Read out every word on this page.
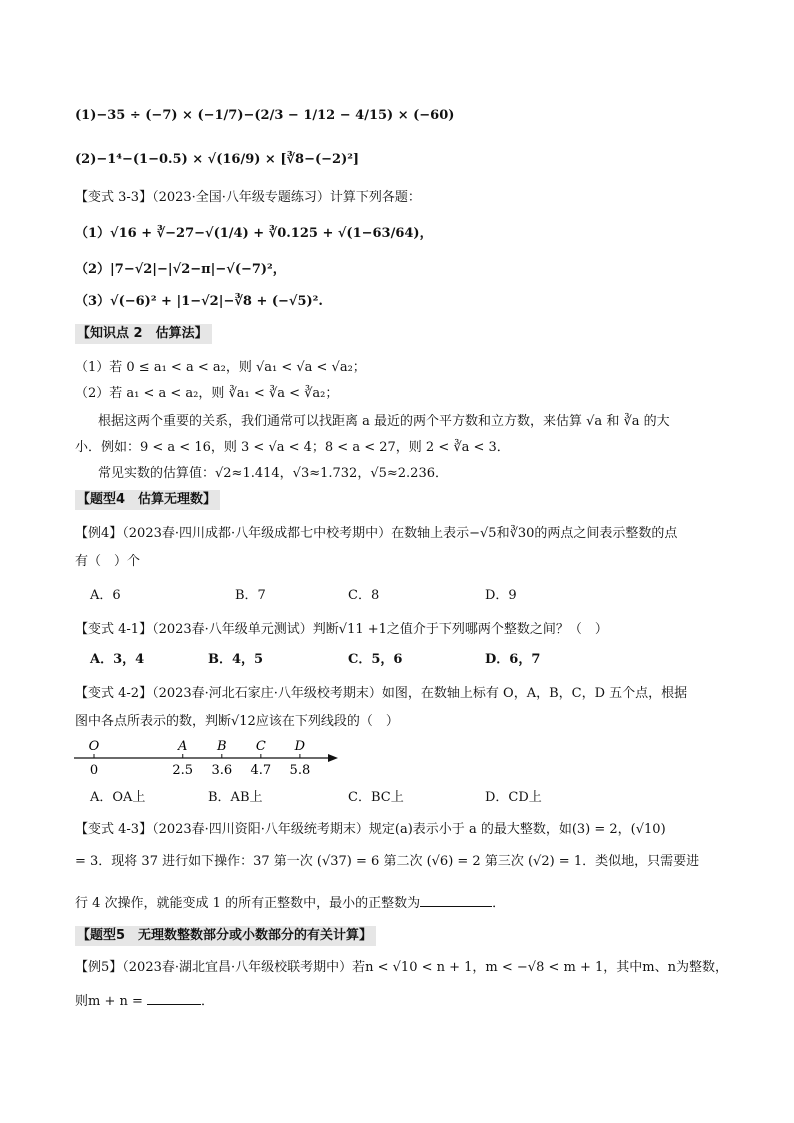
(1)−35 ÷ (−7) × (−1/7)−(2/3 − 1/12 − 4/15) × (−60)
(2)−1⁴−(1−0.5) × √(16/9) × [∛8−(−2)²]
【变式 3-3】（2023·全国·八年级专题练习）计算下列各题：
（1）√16 + ∛−27−√(1/4) + ∛0.125 + √(1−63/64)，
（2）|7−√2|−|√2−π|−√(−7)²，
（3）√(−6)² + |1−√2|−∛8 + (−√5)².
【知识点 2　估算法】
（1）若 0 ≤ a₁ < a < a₂，则 √a₁ < √a < √a₂；
（2）若 a₁ < a < a₂，则 ∛a₁ < ∛a < ∛a₂；
根据这两个重要的关系，我们通常可以找距离 a 最近的两个平方数和立方数，来估算 √a 和 ∛a 的大
小．例如：9 < a < 16，则 3 < √a < 4；8 < a < 27，则 2 < ∛a < 3．
常见实数的估算值：√2≈1.414，√3≈1.732，√5≈2.236．
【题型4　估算无理数】
【例4】（2023春·四川成都·八年级成都七中校考期中）在数轴上表示−√5和∛30的两点之间表示整数的点
有（　）个
A．6	B．7	C．8	D．9
【变式 4-1】（2023春·八年级单元测试）判断√11 +1之值介于下列哪两个整数之间？（　）
A．3，4	B．4，5	C．5，6	D．6，7
【变式 4-2】（2023春·河北石家庄·八年级校考期末）如图，在数轴上标有 O，A，B，C，D 五个点，根据
图中各点所表示的数，判断√12应该在下列线段的（　）
O
0
A
2.5
B
3.6
C
4.7
D
5.8
A．OA上	B．AB上	C．BC上	D．CD上
【变式 4-3】（2023春·四川资阳·八年级统考期末）规定(a)表示小于 a 的最大整数，如(3) = 2，(√10)
= 3．现将 37 进行如下操作：37 第一次 (√37) = 6 第二次 (√6) = 2 第三次 (√2) = 1．类似地，只需要进
行 4 次操作，就能变成 1 的所有正整数中，最小的正整数为	．
【题型5　无理数整数部分或小数部分的有关计算】
【例5】（2023春·湖北宜昌·八年级校联考期中）若n < √10 < n + 1，m < −√8 < m + 1，其中m、n为整数，
则m + n =	．
